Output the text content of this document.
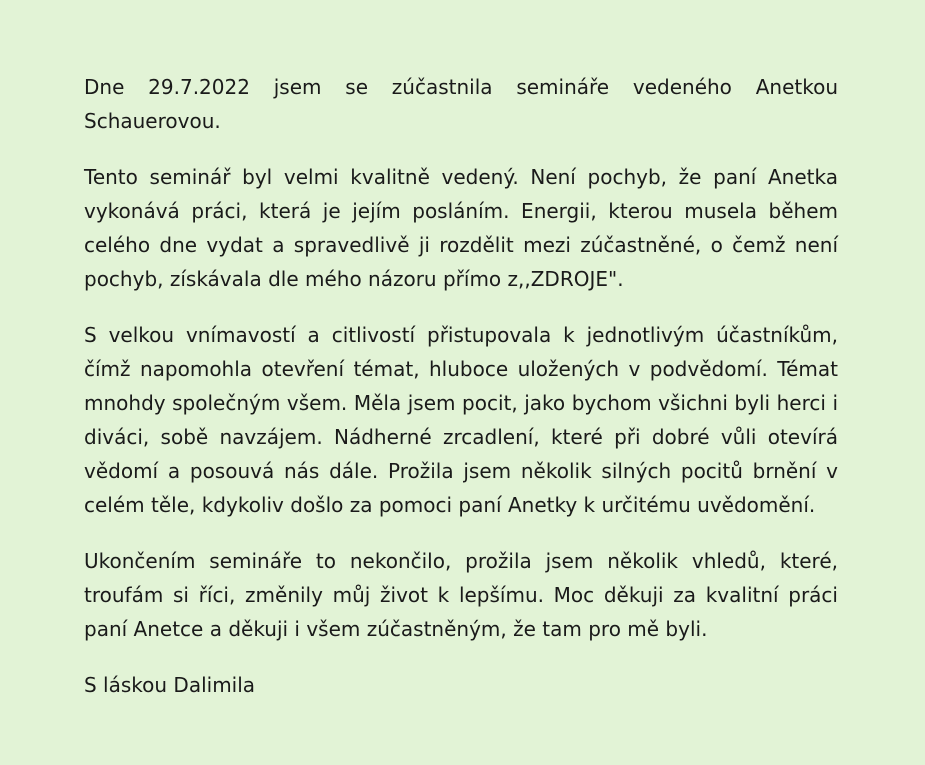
Dne 29.7.2022 jsem se zúčastnila semináře vedeného Anetkou Schauerovou.

Tento seminář byl velmi kvalitně vedený. Není pochyb, že paní Anetka vykonává práci, která je jejím posláním. Energii, kterou musela během celého dne vydat a spravedlivě ji rozdělit mezi zúčastněné, o čemž není pochyb, získávala dle mého názoru přímo z,,ZDROJE".

S velkou vnímavostí a citlivostí přistupovala k jednotlivým účastníkům, čímž napomohla otevření témat, hluboce uložených v podvědomí. Témat mnohdy společným všem. Měla jsem pocit, jako bychom všichni byli herci i diváci, sobě navzájem. Nádherné zrcadlení, které při dobré vůli otevírá vědomí a posouvá nás dále. Prožila jsem několik silných pocitů brnění v celém těle, kdykoliv došlo za pomoci paní Anetky k určitému uvědomění.

Ukončením semináře to nekončilo, prožila jsem několik vhledů, které, troufám si říci, změnily můj život k lepšímu. Moc děkuji za kvalitní práci paní Anetce a děkuji i všem zúčastněným, že tam pro mě byli.

S láskou Dalimila
